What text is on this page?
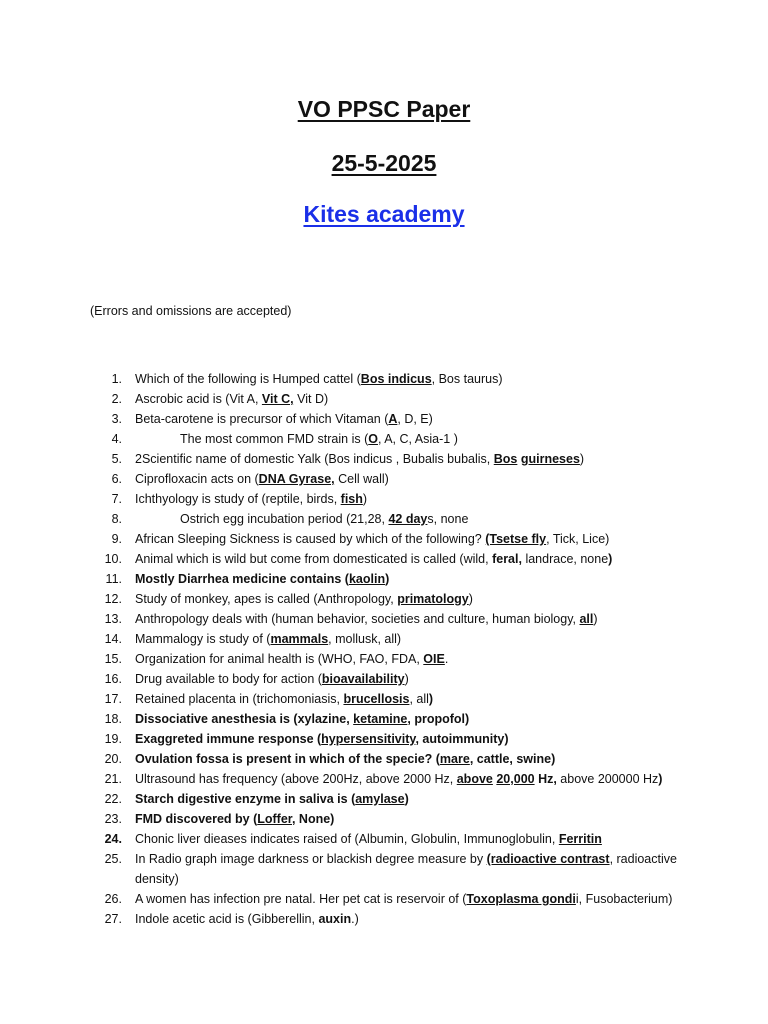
VO PPSC Paper
25-5-2025
Kites academy
(Errors and omissions are accepted)
1. Which of the following is Humped cattel (Bos indicus, Bos taurus)
2. Ascrobic acid is (Vit A, Vit C, Vit D)
3. Beta-carotene is precursor of which Vitaman (A, D, E)
4.	The most common FMD strain is (O, A, C, Asia-1 )
5. 2Scientific name of domestic Yalk (Bos indicus , Bubalis bubalis, Bos guirneses)
6. Ciprofloxacin acts on (DNA Gyrase, Cell wall)
7. Ichthyology is study of (reptile, birds, fish)
8.	Ostrich egg incubation period (21,28, 42 days, none
9. African Sleeping Sickness is caused by which of the following? (Tsetse fly, Tick, Lice)
10. Animal which is wild but come from domesticated is called (wild, feral, landrace, none)
11. Mostly Diarrhea medicine contains (kaolin)
12. Study of monkey, apes is called (Anthropology, primatology)
13. Anthropology deals with (human behavior, societies and culture, human biology, all)
14. Mammalogy is study of (mammals, mollusk, all)
15. Organization for animal health is (WHO, FAO, FDA, OIE.
16. Drug available to body for action (bioavailability)
17. Retained placenta in (trichomoniasis, brucellosis, all)
18. Dissociative anesthesia is (xylazine, ketamine, propofol)
19. Exaggreted immune response (hypersensitivity, autoimmunity)
20. Ovulation fossa is present in which of the specie? (mare, cattle, swine)
21. Ultrasound has frequency (above 200Hz, above 2000 Hz, above 20,000 Hz, above 200000 Hz)
22. Starch digestive enzyme in saliva is (amylase)
23. FMD discovered by (Loffer, None)
24. Chonic liver dieases indicates raised of (Albumin, Globulin, Immunoglobulin, Ferritin
25. In Radio graph image darkness or blackish degree measure by (radioactive contrast, radioactive density)
26. A women has infection pre natal. Her pet cat is reservoir of (Toxoplasma gondii, Fusobacterium)
27. Indole acetic acid is (Gibberellin, auxin.)
